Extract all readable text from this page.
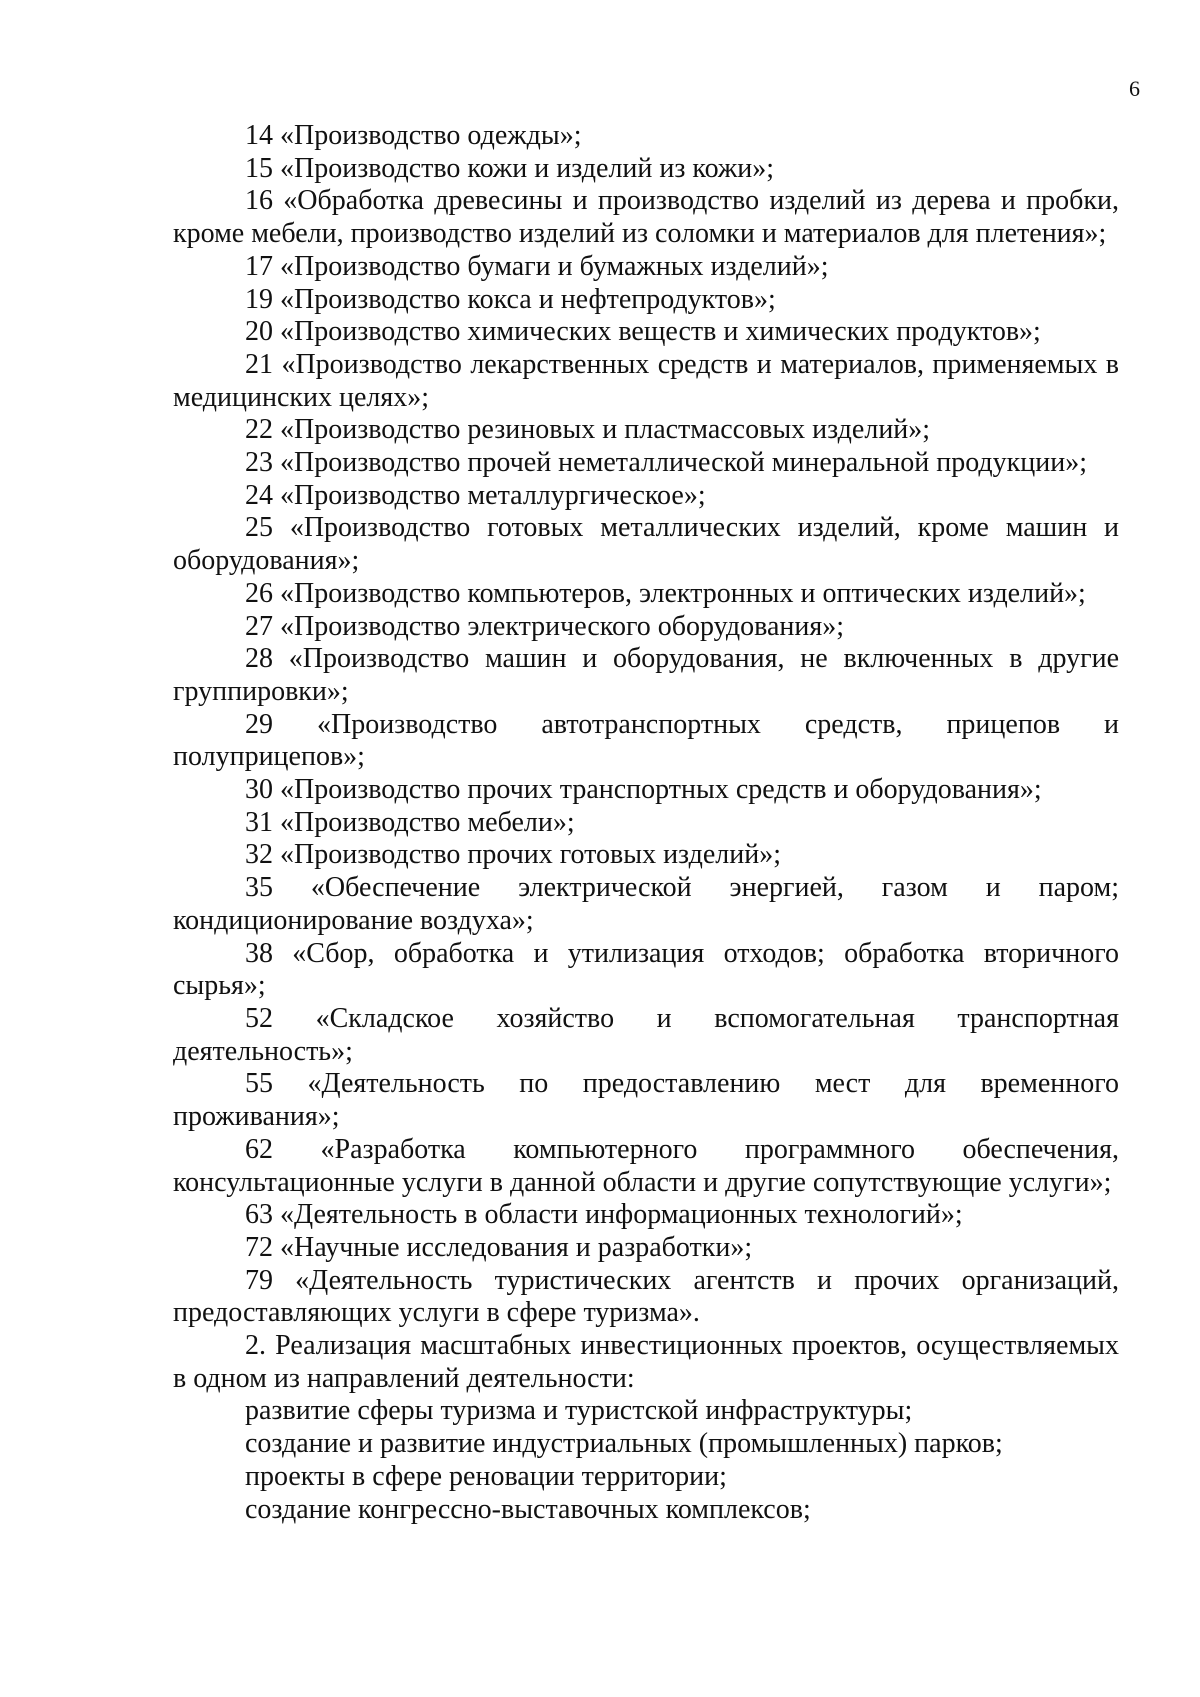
6

14 «Производство одежды»;

15 «Производство кожи и изделий из кожи»;

16 «Обработка древесины и производство изделий из дерева и пробки, кроме мебели, производство изделий из соломки и материалов для плетения»;

17 «Производство бумаги и бумажных изделий»;

19 «Производство кокса и нефтепродуктов»;

20 «Производство химических веществ и химических продуктов»;

21 «Производство лекарственных средств и материалов, применяемых в медицинских целях»;

22 «Производство резиновых и пластмассовых изделий»;

23 «Производство прочей неметаллической минеральной продукции»;

24 «Производство металлургическое»;

25 «Производство готовых металлических изделий, кроме машин и оборудования»;

26 «Производство компьютеров, электронных и оптических изделий»;

27 «Производство электрического оборудования»;

28 «Производство машин и оборудования, не включенных в другие группировки»;

29 «Производство автотранспортных средств, прицепов и полуприцепов»;

30 «Производство прочих транспортных средств и оборудования»;

31 «Производство мебели»;

32 «Производство прочих готовых изделий»;

35 «Обеспечение электрической энергией, газом и паром; кондиционирование воздуха»;

38 «Сбор, обработка и утилизация отходов; обработка вторичного сырья»;

52 «Складское хозяйство и вспомогательная транспортная деятельность»;

55 «Деятельность по предоставлению мест для временного проживания»;

62 «Разработка компьютерного программного обеспечения, консультационные услуги в данной области и другие сопутствующие услуги»;

63 «Деятельность в области информационных технологий»;

72 «Научные исследования и разработки»;

79 «Деятельность туристических агентств и прочих организаций, предоставляющих услуги в сфере туризма».

2. Реализация масштабных инвестиционных проектов, осуществляемых в одном из направлений деятельности:

развитие сферы туризма и туристской инфраструктуры;

создание и развитие индустриальных (промышленных) парков;

проекты в сфере реновации территории;

создание конгрессно-выставочных комплексов;
